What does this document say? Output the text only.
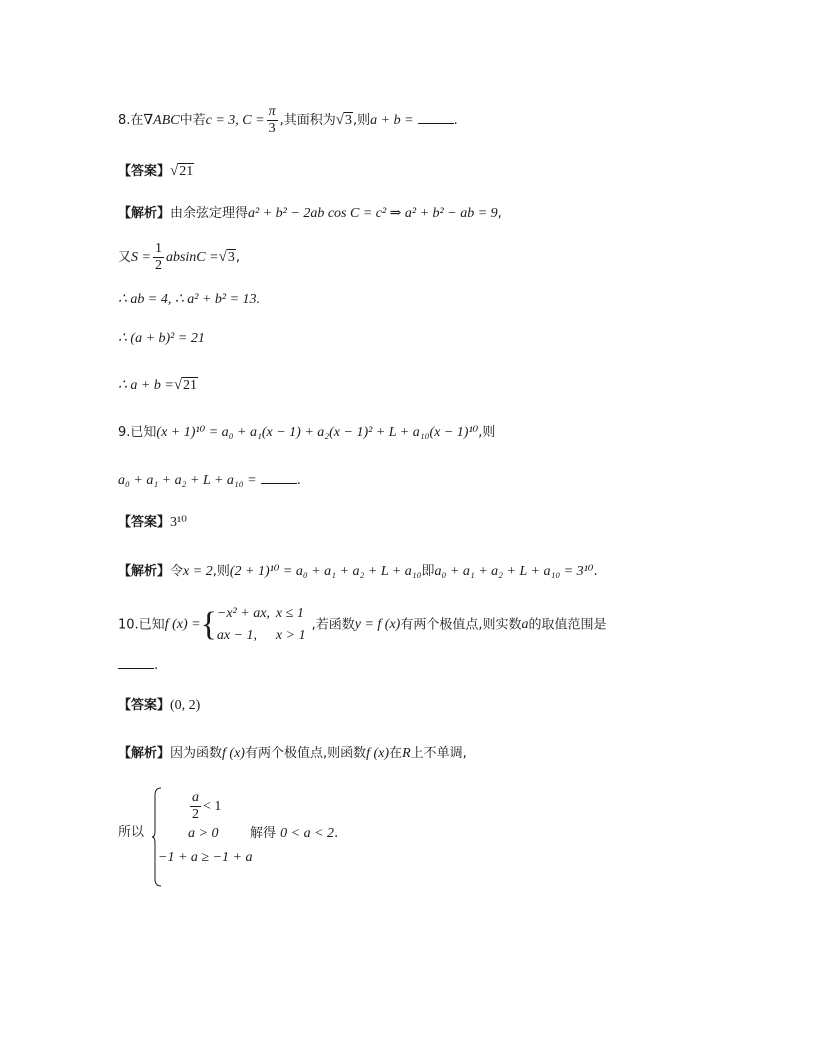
8.在∇ABC中若c = 3, $C = \frac{\pi}{3}$ ,其面积为√3,则a + b =	.
【答案】√21
【解析】由余弦定理得a² + b² − 2ab cos C = c² ⇒ a² + b² − ab = 9,
又$S = \frac{1}{2}$ absinC =√3,
∴ ab = 4, ∴ a² + b² = 13.
∴ (a + b)² = 21
∴ a + b =√21
9.已知(x + 1)¹⁰ = a₀ + a₁(x − 1) + a₂(x − 1)² + L + a₁₀(x − 1)¹⁰,则
a₀ + a₁ + a₂ + L + a₁₀ =	.
【答案】3¹⁰
【解析】令x = 2,则(2 + 1)¹⁰ = a₀ + a₁ + a₂ + L + a₁₀即a₀ + a₁ + a₂ + L + a₁₀ = 3¹⁰.
10.已知f (x) ={ −x² + ax,	x ≤ 1
ax − 1,	x > 1,若函数y = f (x)有两个极值点,则实数a的取值范围是
.
【答案】(0, 2)
【解析】因为函数f (x)有两个极值点,则函数f (x)在R上不单调,
所以
$\frac{a}{2} < 1$
a > 0 解得 0 < a < 2.
−1 + a ≥ −1 + a
